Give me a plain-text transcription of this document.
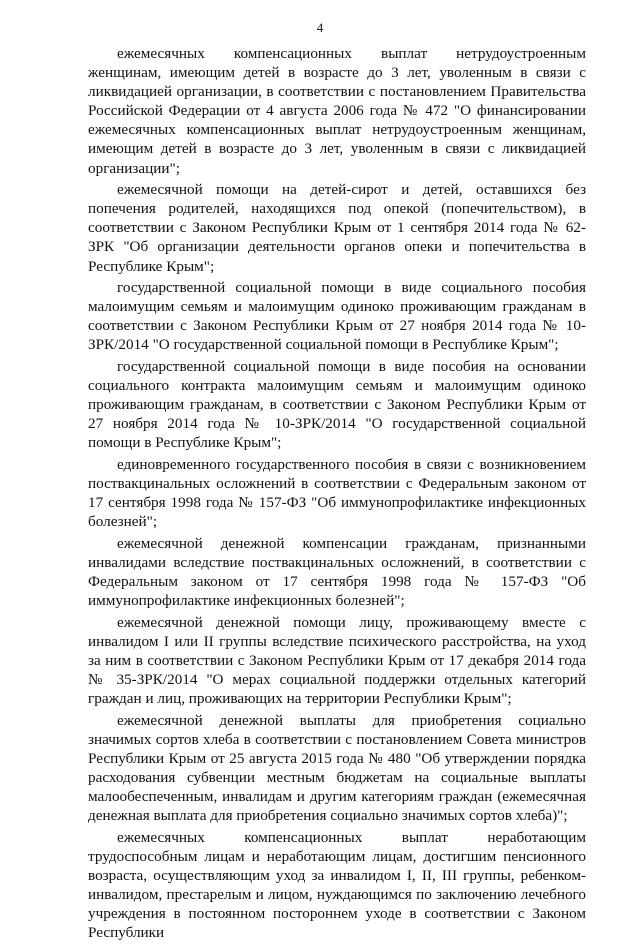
4

ежемесячных компенсационных выплат нетрудоустроенным женщинам, имеющим детей в возрасте до 3 лет, уволенным в связи с ликвидацией организации, в соответствии с постановлением Правительства Российской Федерации от 4 августа 2006 года № 472 "О финансировании ежемесячных компенсационных выплат нетрудоустроенным женщинам, имеющим детей в возрасте до 3 лет, уволенным в связи с ликвидацией организации";

ежемесячной помощи на детей-сирот и детей, оставшихся без попечения родителей, находящихся под опекой (попечительством), в соответствии с Законом Республики Крым от 1 сентября 2014 года № 62-ЗРК "Об организации деятельности органов опеки и попечительства в Республике Крым";

государственной социальной помощи в виде социального пособия малоимущим семьям и малоимущим одиноко проживающим гражданам в соответствии с Законом Республики Крым от 27 ноября 2014 года № 10-ЗРК/2014 "О государственной социальной помощи в Республике Крым";

государственной социальной помощи в виде пособия на основании социального контракта малоимущим семьям и малоимущим одиноко проживающим гражданам, в соответствии с Законом Республики Крым от 27 ноября 2014 года № 10-ЗРК/2014 "О государственной социальной помощи в Республике Крым";

единовременного государственного пособия в связи с возникновением поствакцинальных осложнений в соответствии с Федеральным законом от 17 сентября 1998 года № 157-ФЗ "Об иммунопрофилактике инфекционных болезней";

ежемесячной денежной компенсации гражданам, признанными инвалидами вследствие поствакцинальных осложнений, в соответствии с Федеральным законом от 17 сентября 1998 года № 157-ФЗ "Об иммунопрофилактике инфекционных болезней";

ежемесячной денежной помощи лицу, проживающему вместе с инвалидом I или II группы вследствие психического расстройства, на уход за ним в соответствии с Законом Республики Крым от 17 декабря 2014 года № 35-ЗРК/2014 "О мерах социальной поддержки отдельных категорий граждан и лиц, проживающих на территории Республики Крым";

ежемесячной денежной выплаты для приобретения социально значимых сортов хлеба в соответствии с постановлением Совета министров Республики Крым от 25 августа 2015 года № 480 "Об утверждении порядка расходования субвенции местным бюджетам на социальные выплаты малообеспеченным, инвалидам и другим категориям граждан (ежемесячная денежная выплата для приобретения социально значимых сортов хлеба)";

ежемесячных компенсационных выплат неработающим трудоспособным лицам и неработающим лицам, достигшим пенсионного возраста, осуществляющим уход за инвалидом I, II, III группы, ребенком-инвалидом, престарелым и лицом, нуждающимся по заключению лечебного учреждения в постоянном постороннем уходе в соответствии с Законом Республики
